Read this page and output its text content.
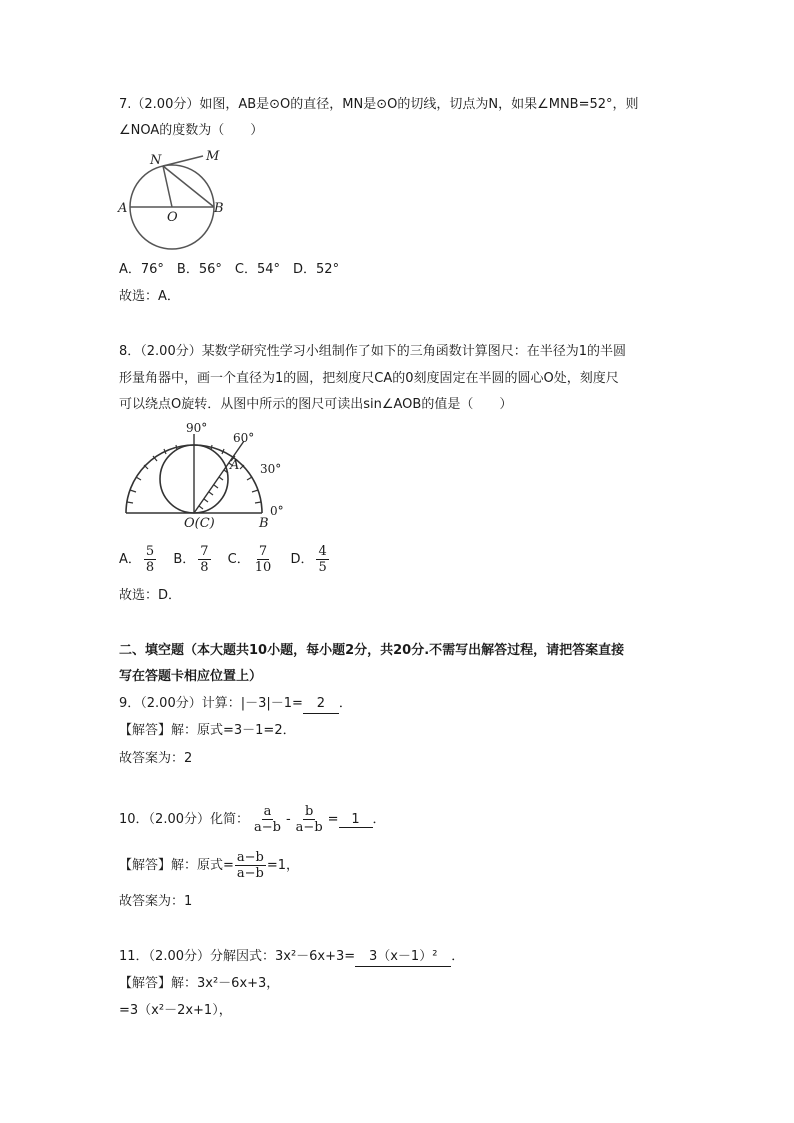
7.（2.00分）如图，AB是⊙O的直径，MN是⊙O的切线，切点为N，如果∠MNB=52°，则
∠NOA的度数为（　　）
N	M
A
O
B
A．76°　B．56°　C．54°　D．52°
故选：A．
8．（2.00分）某数学研究性学习小组制作了如下的三角函数计算图尺：在半径为1的半圆
形量角器中，画一个直径为1的圆，把刻度尺CA的0刻度固定在半圆的圆心O处，刻度尺
可以绕点O旋转．从图中所示的图尺可读出sin∠AOB的值是（　　）
90°
60°
30°
0°
A
O(C)	B
A． $\frac{5}{8}$ B． $\frac{7}{8}$ C． $\frac{7}{10}$ D． $\frac{4}{5}$
故选：D．
二、填空题（本大题共10小题，每小题2分，共20分.不需写出解答过程，请把答案直接
写在答题卡相应位置上）
9．（2.00分）计算：|－3|－1= 2 ．
【解答】解：原式=3－1=2．
故答案为：2
10．（2.00分）化简： $\frac{a}{a-b} - \frac{b}{a-b} = 1$ ．
【解答】解：原式= $\frac{a-b}{a-b} =1$，
故答案为：1
11．（2.00分）分解因式：3x²－6x+3= 3（x－1）² ．
【解答】解：3x²－6x+3，
=3（x²－2x+1），
